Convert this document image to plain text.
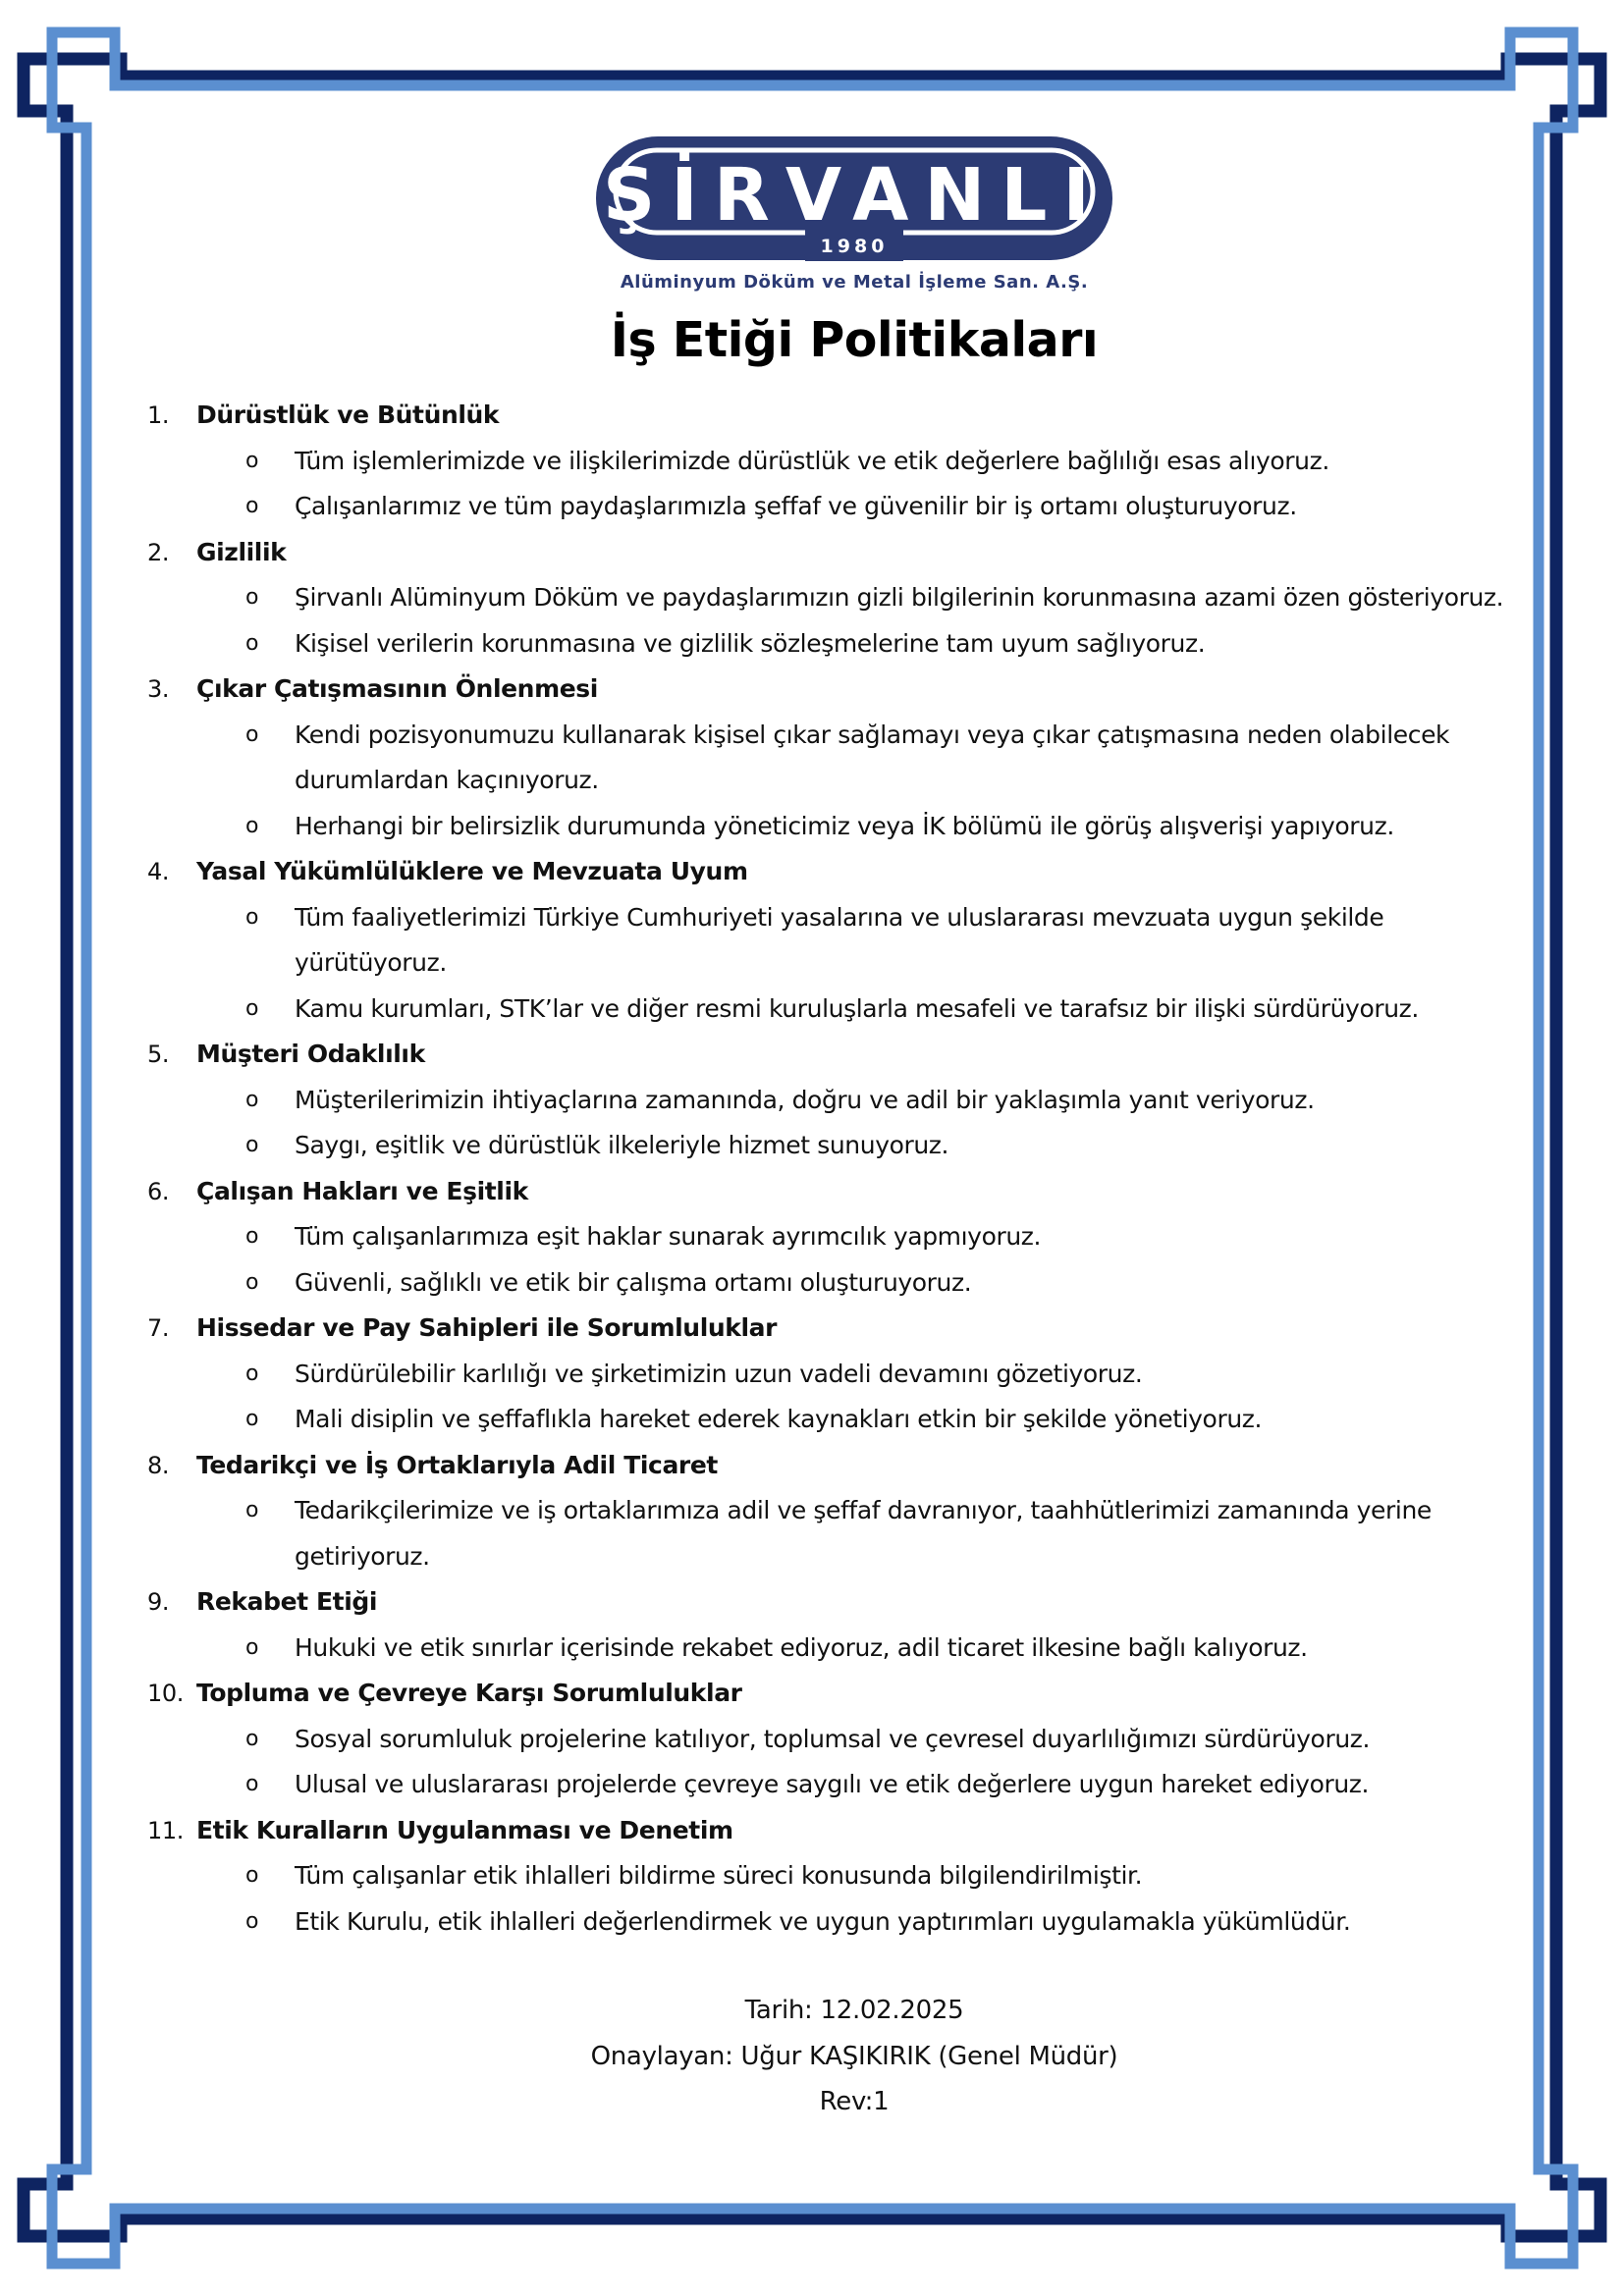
ŞİRVANLI
1980
Alüminyum Döküm ve Metal İşleme San. A.Ş.
İş Etiği Politikaları
1. Dürüstlük ve Bütünlük
o Tüm işlemlerimizde ve ilişkilerimizde dürüstlük ve etik değerlere bağlılığı esas alıyoruz.
o Çalışanlarımız ve tüm paydaşlarımızla şeffaf ve güvenilir bir iş ortamı oluşturuyoruz.
2. Gizlilik
o Şirvanlı Alüminyum Döküm ve paydaşlarımızın gizli bilgilerinin korunmasına azami özen gösteriyoruz.
o Kişisel verilerin korunmasına ve gizlilik sözleşmelerine tam uyum sağlıyoruz.
3. Çıkar Çatışmasının Önlenmesi
o Kendi pozisyonumuzu kullanarak kişisel çıkar sağlamayı veya çıkar çatışmasına neden olabilecek durumlardan kaçınıyoruz.
o Herhangi bir belirsizlik durumunda yöneticimiz veya İK bölümü ile görüş alışverişi yapıyoruz.
4. Yasal Yükümlülüklere ve Mevzuata Uyum
o Tüm faaliyetlerimizi Türkiye Cumhuriyeti yasalarına ve uluslararası mevzuata uygun şekilde yürütüyoruz.
o Kamu kurumları, STK’lar ve diğer resmi kuruluşlarla mesafeli ve tarafsız bir ilişki sürdürüyoruz.
5. Müşteri Odaklılık
o Müşterilerimizin ihtiyaçlarına zamanında, doğru ve adil bir yaklaşımla yanıt veriyoruz.
o Saygı, eşitlik ve dürüstlük ilkeleriyle hizmet sunuyoruz.
6. Çalışan Hakları ve Eşitlik
o Tüm çalışanlarımıza eşit haklar sunarak ayrımcılık yapmıyoruz.
o Güvenli, sağlıklı ve etik bir çalışma ortamı oluşturuyoruz.
7. Hissedar ve Pay Sahipleri ile Sorumluluklar
o Sürdürülebilir karlılığı ve şirketimizin uzun vadeli devamını gözetiyoruz.
o Mali disiplin ve şeffaflıkla hareket ederek kaynakları etkin bir şekilde yönetiyoruz.
8. Tedarikçi ve İş Ortaklarıyla Adil Ticaret
o Tedarikçilerimize ve iş ortaklarımıza adil ve şeffaf davranıyor, taahhütlerimizi zamanında yerine getiriyoruz.
9. Rekabet Etiği
o Hukuki ve etik sınırlar içerisinde rekabet ediyoruz, adil ticaret ilkesine bağlı kalıyoruz.
10. Topluma ve Çevreye Karşı Sorumluluklar
o Sosyal sorumluluk projelerine katılıyor, toplumsal ve çevresel duyarlılığımızı sürdürüyoruz.
o Ulusal ve uluslararası projelerde çevreye saygılı ve etik değerlere uygun hareket ediyoruz.
11. Etik Kuralların Uygulanması ve Denetim
o Tüm çalışanlar etik ihlalleri bildirme süreci konusunda bilgilendirilmiştir.
o Etik Kurulu, etik ihlalleri değerlendirmek ve uygun yaptırımları uygulamakla yükümlüdür.
Tarih: 12.02.2025
Onaylayan: Uğur KAŞIKIRIK (Genel Müdür)
Rev:1
